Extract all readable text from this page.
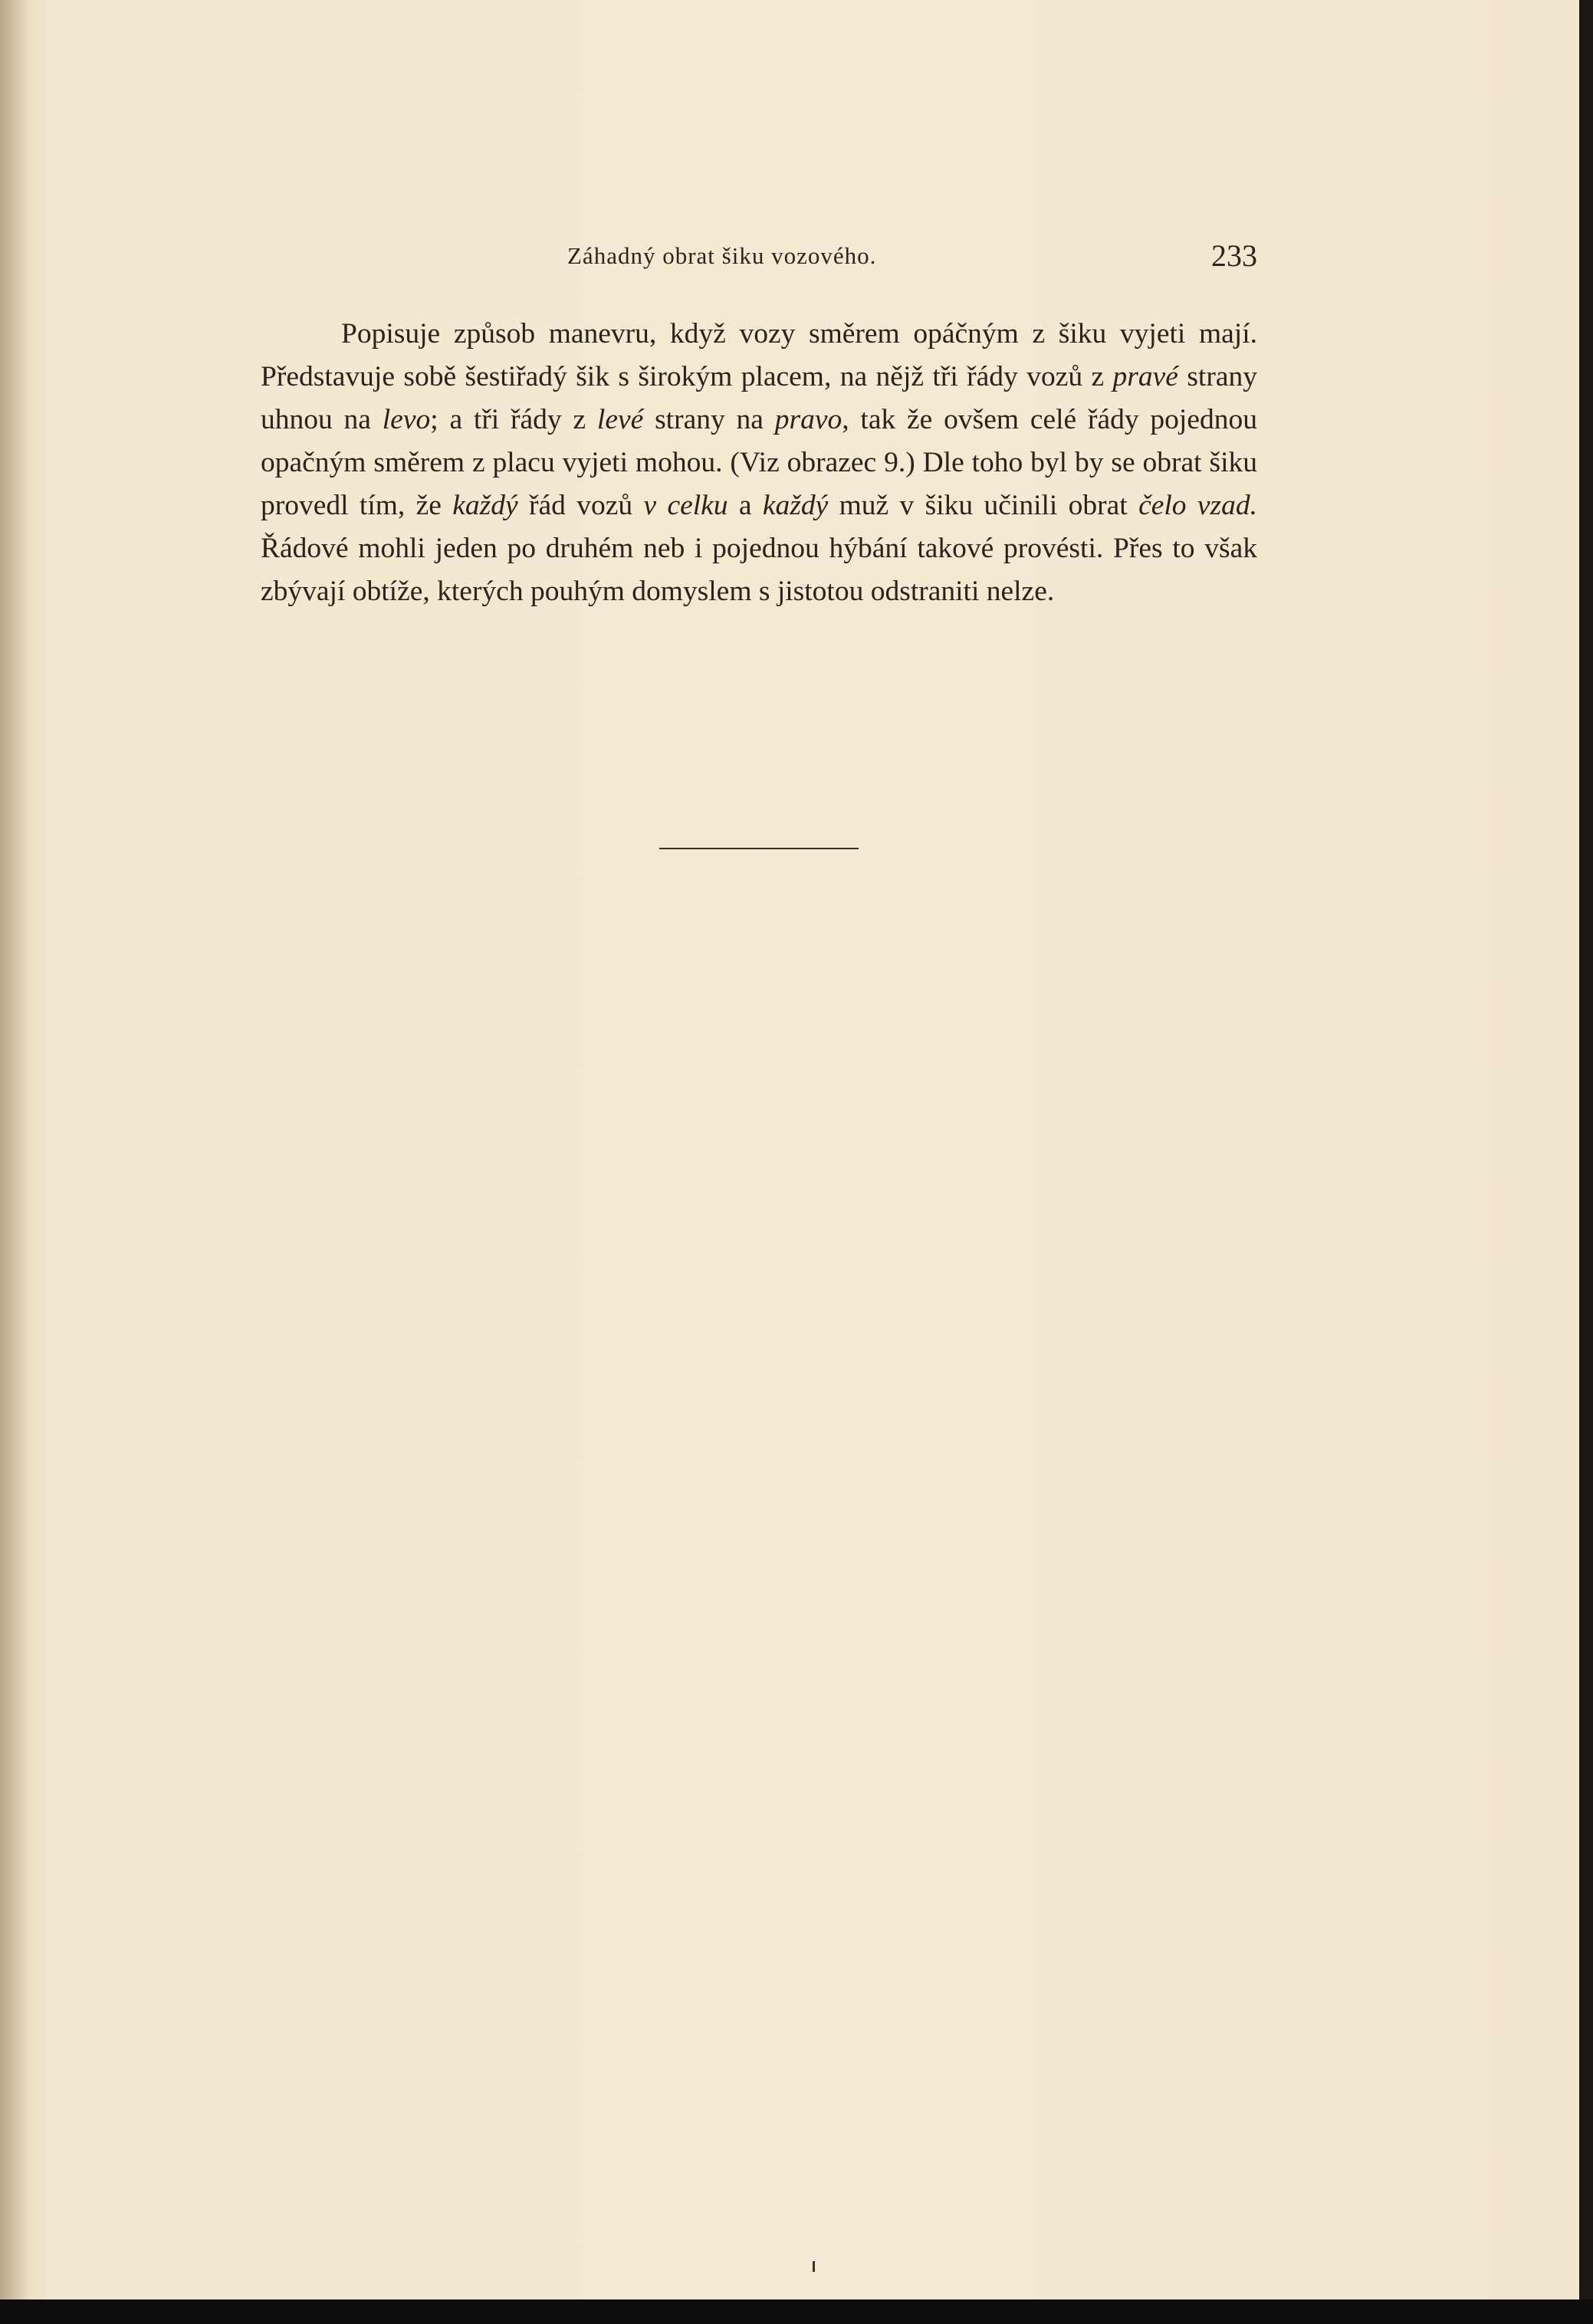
Záhadný obrat šiku vozového.	233

Popisuje způsob manevru, když vozy směrem opáčným z šiku vyjeti mají. Představuje sobě šestiřadý šik s širokým placem, na nějž tři řády vozů z pravé strany uhnou na levo; a tři řády z levé strany na pravo, tak že ovšem celé řády pojednou opačným směrem z placu vyjeti mohou. (Viz obrazec 9.) Dle toho byl by se obrat šiku provedl tím, že každý řád vozů v celku a každý muž v šiku učinili obrat čelo vzad. Řádové mohli jeden po druhém neb i pojednou hýbání takové provésti. Přes to však zbývají obtíže, kterých pouhým domyslem s jistotou odstraniti nelze.
